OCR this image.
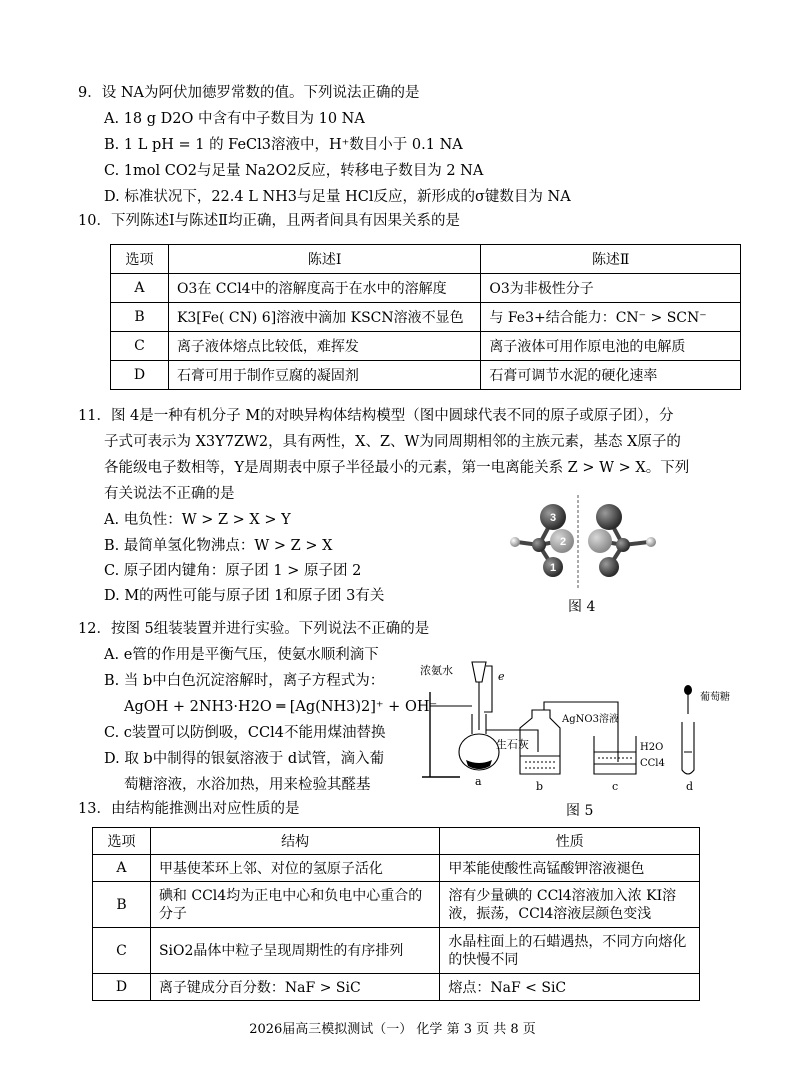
9．设 NA为阿伏加德罗常数的值。下列说法正确的是
A. 18 g D2O 中含有中子数目为 10 NA
B. 1 L pH = 1 的 FeCl3溶液中，H⁺数目小于 0.1 NA
C. 1mol CO2与足量 Na2O2反应，转移电子数目为 2 NA
D. 标准状况下，22.4 L NH3与足量 HCl反应，新形成的σ键数目为 NA
10．下列陈述Ⅰ与陈述Ⅱ均正确，且两者间具有因果关系的是
选项	陈述Ⅰ	陈述Ⅱ
A	O3在 CCl4中的溶解度高于在水中的溶解度	O3为非极性分子
B	K3[Fe( CN) 6]溶液中滴加 KSCN溶液不显色	与 Fe3+结合能力：CN⁻ > SCN⁻
C	离子液体熔点比较低，难挥发	离子液体可用作原电池的电解质
D	石膏可用于制作豆腐的凝固剂	石膏可调节水泥的硬化速率
11．图 4是一种有机分子 M的对映异构体结构模型（图中圆球代表不同的原子或原子团），分
子式可表示为 X3Y7ZW2，具有两性，X、Z、W为同周期相邻的主族元素，基态 X原子的
各能级电子数相等，Y是周期表中原子半径最小的元素，第一电离能关系 Z > W > X。下列
有关说法不正确的是
A. 电负性：W > Z > X > Y
B. 最简单氢化物沸点：W > Z > X
C. 原子团内键角：原子团 1 > 原子团 2
D. M的两性可能与原子团 1和原子团 3有关
3
2
1
图 4
12．按图 5组装装置并进行实验。下列说法不正确的是
A. e管的作用是平衡气压，使氨水顺利滴下
B. 当 b中白色沉淀溶解时，离子方程式为：
AgOH + 2NH3·H2O ═ [Ag(NH3)2]⁺ + OH⁻
C. c装置可以防倒吸，CCl4不能用煤油替换
D. 取 b中制得的银氨溶液于 d试管，滴入葡
萄糖溶液，水浴加热，用来检验其醛基
浓氨水	e
生石灰
a
AgNO3溶液
b
H2O
CCl4
c
葡萄糖
d
图 5
13．由结构能推测出对应性质的是
选项	结构	性质
A	甲基使苯环上邻、对位的氢原子活化	甲苯能使酸性高锰酸钾溶液褪色
B	碘和 CCl4均为正电中心和负电中心重合的分子	溶有少量碘的 CCl4溶液加入浓 KI溶液，振荡，CCl4溶液层颜色变浅
C	SiO2晶体中粒子呈现周期性的有序排列	水晶柱面上的石蜡遇热，不同方向熔化的快慢不同
D	离子键成分百分数：NaF > SiC	熔点：NaF < SiC
2026届高三模拟测试（一） 化学 第 3 页 共 8 页
